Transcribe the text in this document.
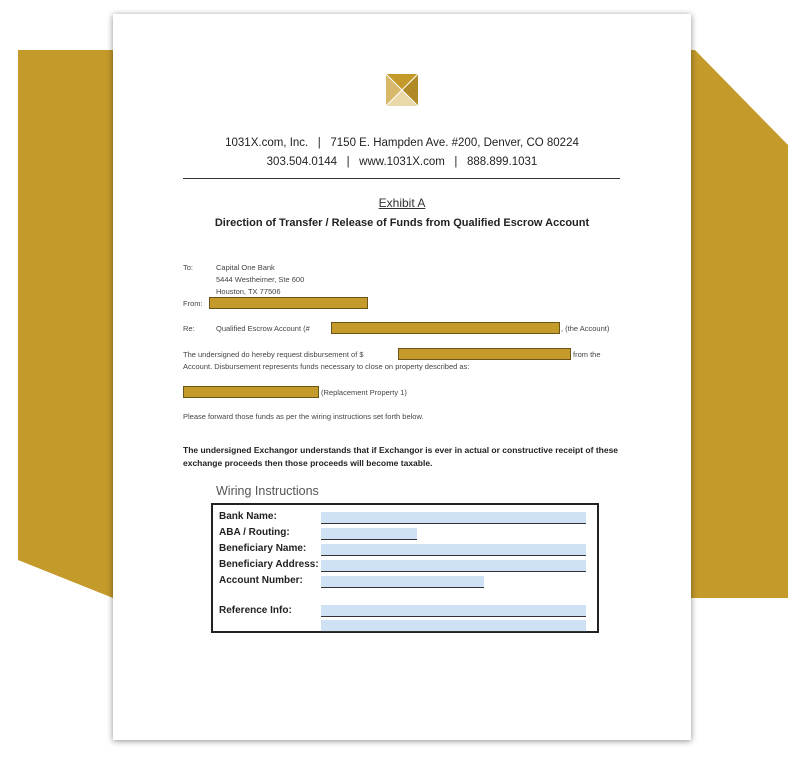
1031X.com, Inc.   |   7150 E. Hampden Ave. #200, Denver, CO 80224
303.504.0144   |   www.1031X.com   |   888.899.1031
Exhibit A
Direction of Transfer / Release of Funds from Qualified Escrow Account
To:	Capital One Bank
5444 Westheimer, Ste 600
Houston, TX 77506
From:
Re:	Qualified Escrow Account (#	, (the Account)
The undersigned do hereby request disbursement of $	from the
Account. Disbursement represents funds necessary to close on property described as:
(Replacement Property 1)
Please forward those funds as per the wiring instructions set forth below.
The undersigned Exchangor understands that if Exchangor is ever in actual or constructive receipt of these exchange proceeds then those proceeds will become taxable.
Wiring Instructions
Bank Name:
ABA / Routing:
Beneficiary Name:
Beneficiary Address:
Account Number:
Reference Info:
